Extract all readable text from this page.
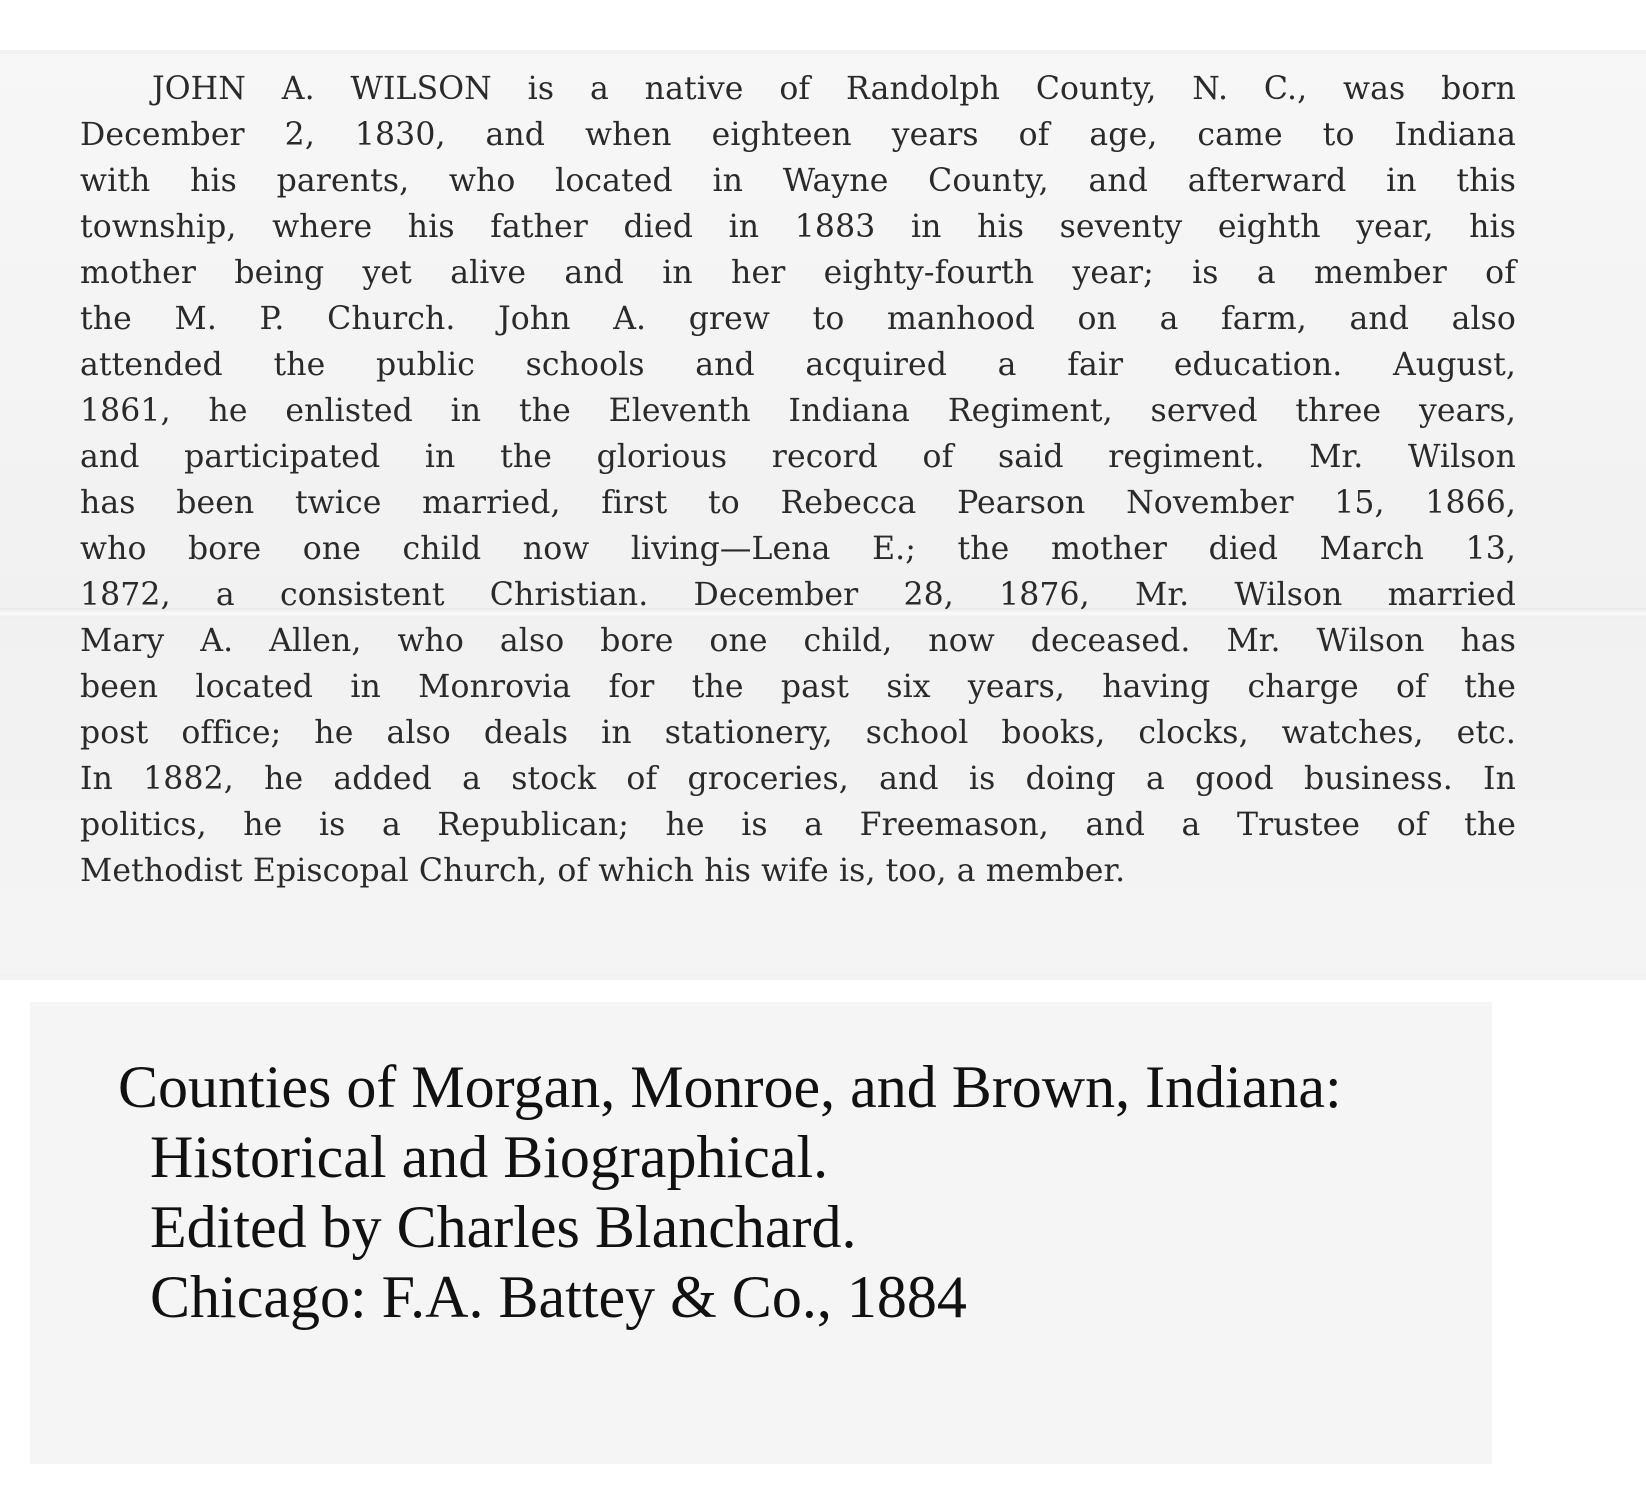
JOHN A. WILSON is a native of Randolph County, N. C., was born

December 2, 1830, and when eighteen years of age, came to Indiana

with his parents, who located in Wayne County, and afterward in this

township, where his father died in 1883 in his seventy eighth year, his

mother being yet alive and in her eighty-fourth year; is a member of

the M. P. Church. John A. grew to manhood on a farm, and also

attended the public schools and acquired a fair education. August,

1861, he enlisted in the Eleventh Indiana Regiment, served three years,

and participated in the glorious record of said regiment. Mr. Wilson

has been twice married, first to Rebecca Pearson November 15, 1866,

who bore one child now living—Lena E.; the mother died March 13,

1872, a consistent Christian. December 28, 1876, Mr. Wilson married

Mary A. Allen, who also bore one child, now deceased. Mr. Wilson has

been located in Monrovia for the past six years, having charge of the

post office; he also deals in stationery, school books, clocks, watches, etc.

In 1882, he added a stock of groceries, and is doing a good business. In

politics, he is a Republican; he is a Freemason, and a Trustee of the

Methodist Episcopal Church, of which his wife is, too, a member.

Counties of Morgan, Monroe, and Brown, Indiana:

Historical and Biographical.

Edited by Charles Blanchard.

Chicago: F.A. Battey & Co., 1884
